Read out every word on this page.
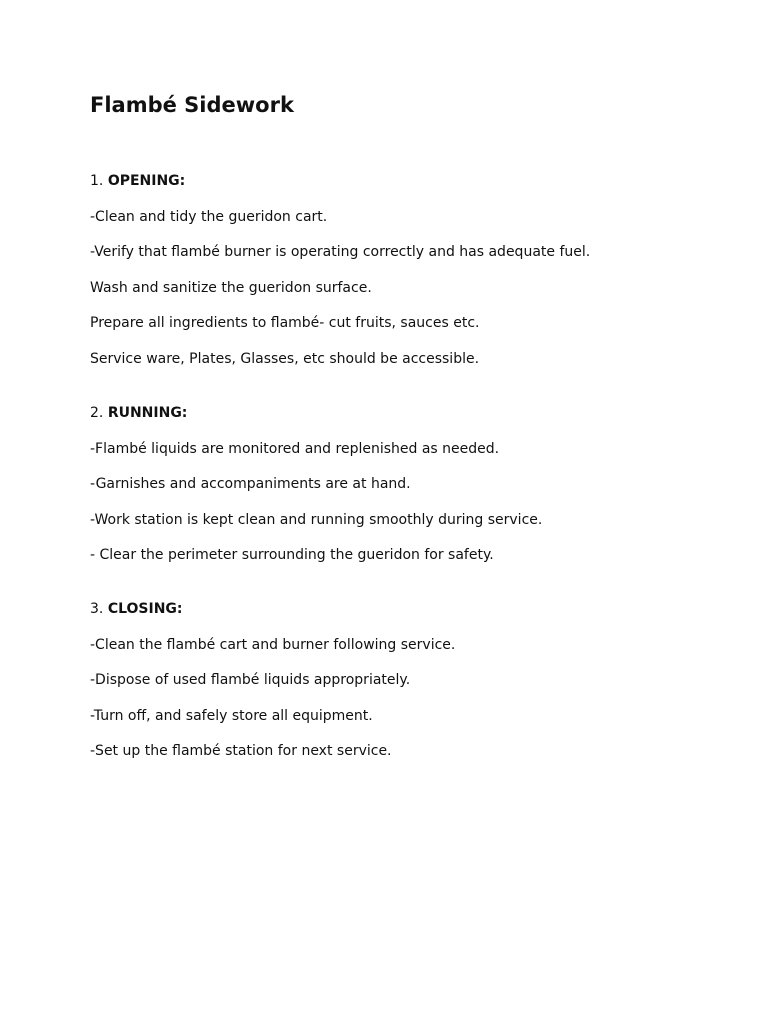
Flambé Sidework

1. OPENING:

-Clean and tidy the gueridon cart.
-Verify that flambé burner is operating correctly and has adequate fuel.
Wash and sanitize the gueridon surface.
Prepare all ingredients to flambé- cut fruits, sauces etc.
Service ware, Plates, Glasses, etc should be accessible.

2. RUNNING:

-Flambé liquids are monitored and replenished as needed.
-Garnishes and accompaniments are at hand.
-Work station is kept clean and running smoothly during service.
- Clear the perimeter surrounding the gueridon for safety.

3. CLOSING:

-Clean the flambé cart and burner following service.
-Dispose of used flambé liquids appropriately.
-Turn off, and safely store all equipment.
-Set up the flambé station for next service.
